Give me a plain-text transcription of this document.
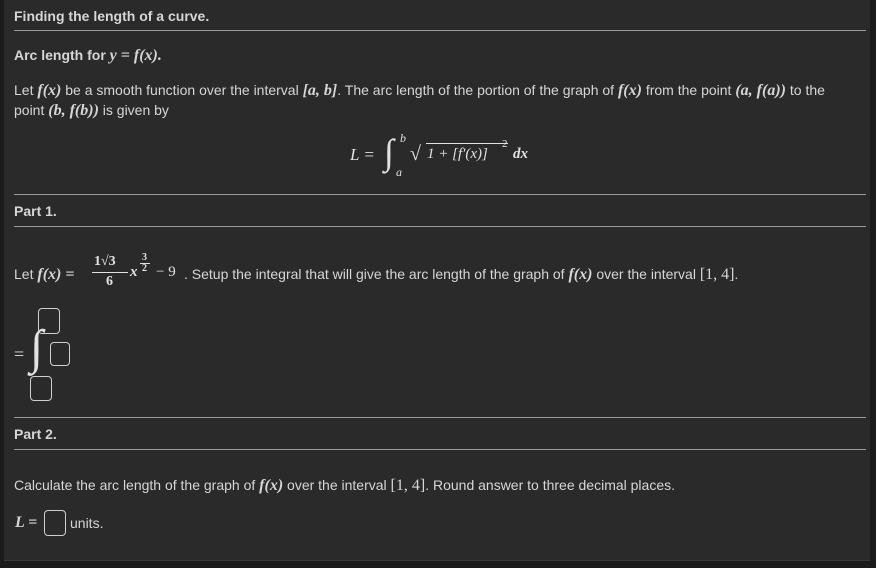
Finding the length of a curve.
Arc length for y = f(x).
Let f(x) be a smooth function over the interval [a, b]. The arc length of the portion of the graph of f(x) from the point (a, f(a)) to the
point (b, f(b)) is given by
L = ∫ b
a
√ 1 + [f′(x)]
2
dx
Part 1.
Let f(x) =
1√3
6
x
3
2 − 9 . Setup the integral that will give the arc length of the graph of f(x) over the interval [1, 4].
= ∫
Part 2.
Calculate the arc length of the graph of f(x) over the interval [1, 4]. Round answer to three decimal places.
L = units.
